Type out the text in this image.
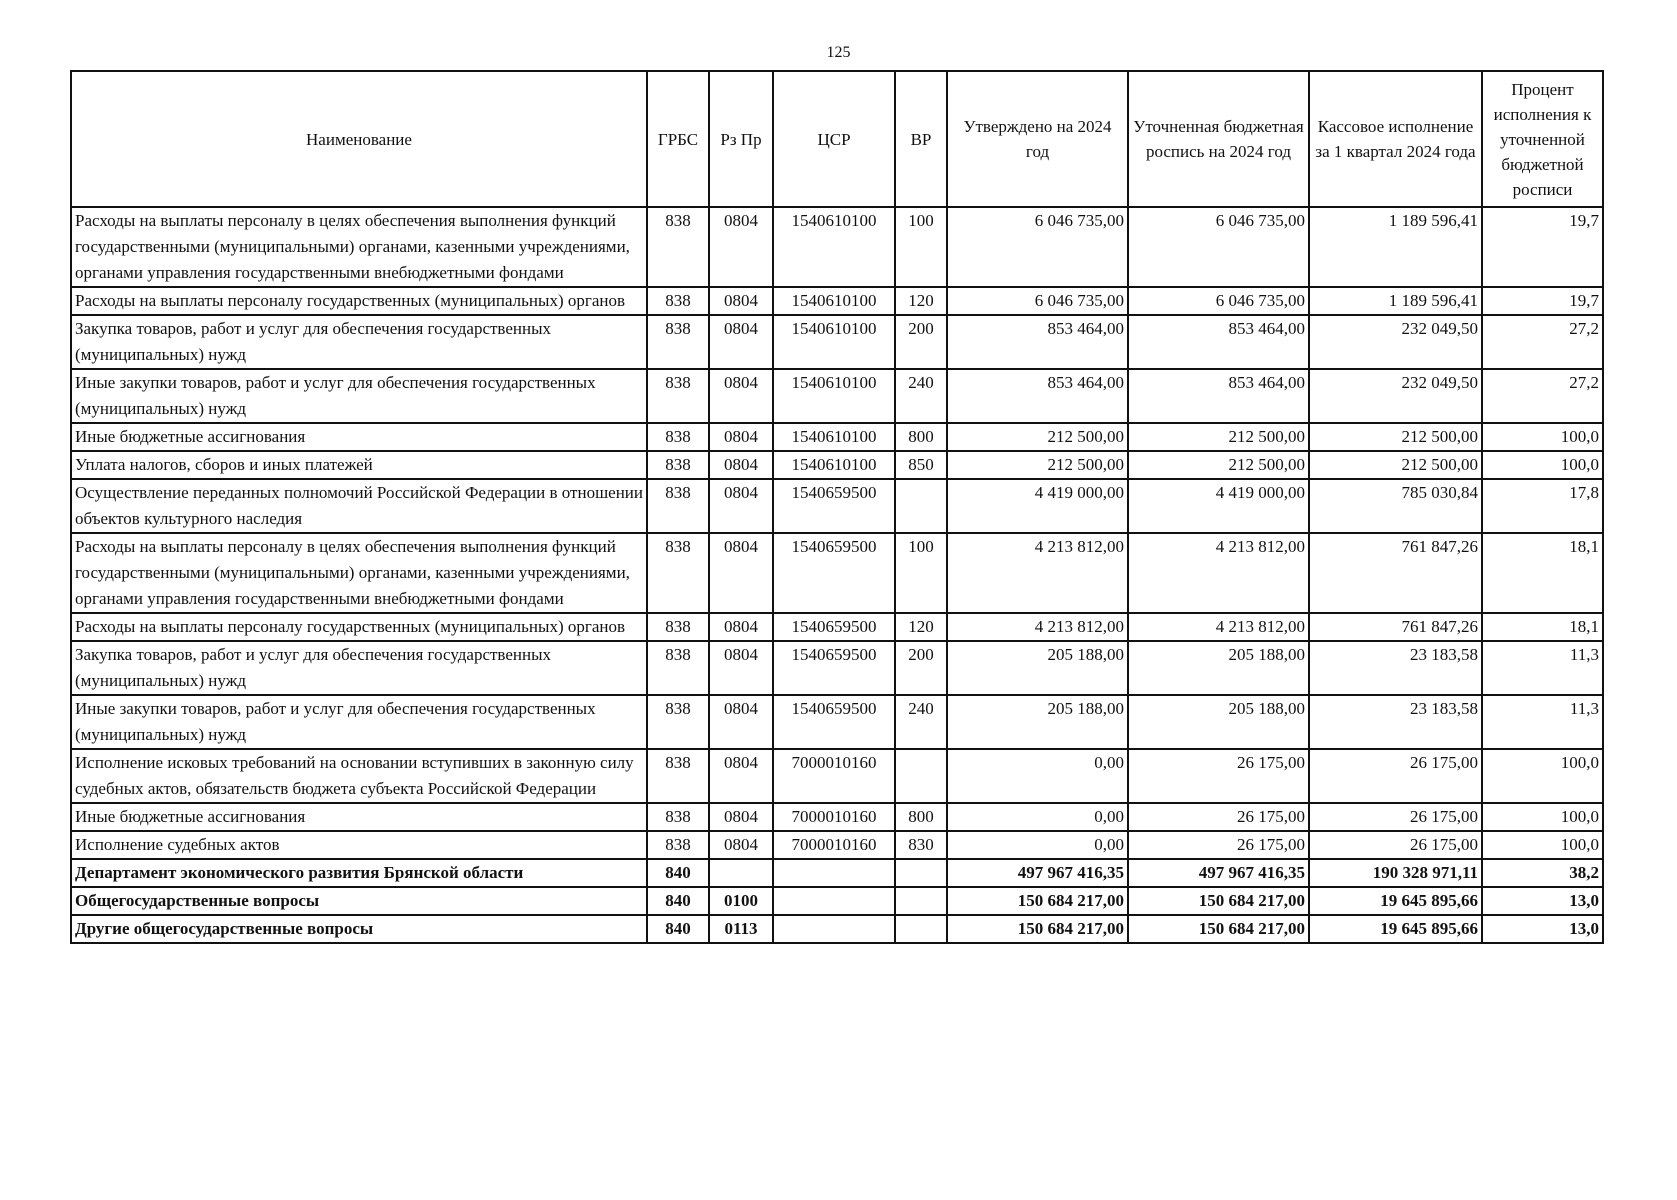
125
Наименование	ГРБС	Рз Пр	ЦСР	ВР	Утверждено на 2024 год	Уточненная бюджетная роспись на 2024 год	Кассовое исполнение за 1 квартал 2024 года	Процент исполнения к уточненной бюджетной росписи
Расходы на выплаты персоналу в целях обеспечения выполнения функций государственными (муниципальными) органами, казенными учреждениями, органами управления государственными внебюджетными фондами	838	0804	1540610100	100	6 046 735,00	6 046 735,00	1 189 596,41	19,7
Расходы на выплаты персоналу государственных (муниципальных) органов	838	0804	1540610100	120	6 046 735,00	6 046 735,00	1 189 596,41	19,7
Закупка товаров, работ и услуг для обеспечения государственных (муниципальных) нужд	838	0804	1540610100	200	853 464,00	853 464,00	232 049,50	27,2
Иные закупки товаров, работ и услуг для обеспечения государственных (муниципальных) нужд	838	0804	1540610100	240	853 464,00	853 464,00	232 049,50	27,2
Иные бюджетные ассигнования	838	0804	1540610100	800	212 500,00	212 500,00	212 500,00	100,0
Уплата налогов, сборов и иных платежей	838	0804	1540610100	850	212 500,00	212 500,00	212 500,00	100,0
Осуществление переданных полномочий Российской Федерации в отношении объектов культурного наследия	838	0804	1540659500		4 419 000,00	4 419 000,00	785 030,84	17,8
Расходы на выплаты персоналу в целях обеспечения выполнения функций государственными (муниципальными) органами, казенными учреждениями, органами управления государственными внебюджетными фондами	838	0804	1540659500	100	4 213 812,00	4 213 812,00	761 847,26	18,1
Расходы на выплаты персоналу государственных (муниципальных) органов	838	0804	1540659500	120	4 213 812,00	4 213 812,00	761 847,26	18,1
Закупка товаров, работ и услуг для обеспечения государственных (муниципальных) нужд	838	0804	1540659500	200	205 188,00	205 188,00	23 183,58	11,3
Иные закупки товаров, работ и услуг для обеспечения государственных (муниципальных) нужд	838	0804	1540659500	240	205 188,00	205 188,00	23 183,58	11,3
Исполнение исковых требований на основании вступивших в законную силу судебных актов, обязательств бюджета субъекта Российской Федерации	838	0804	7000010160		0,00	26 175,00	26 175,00	100,0
Иные бюджетные ассигнования	838	0804	7000010160	800	0,00	26 175,00	26 175,00	100,0
Исполнение судебных актов	838	0804	7000010160	830	0,00	26 175,00	26 175,00	100,0
Департамент экономического развития Брянской области	840				497 967 416,35	497 967 416,35	190 328 971,11	38,2
Общегосударственные вопросы	840	0100			150 684 217,00	150 684 217,00	19 645 895,66	13,0
Другие общегосударственные вопросы	840	0113			150 684 217,00	150 684 217,00	19 645 895,66	13,0
